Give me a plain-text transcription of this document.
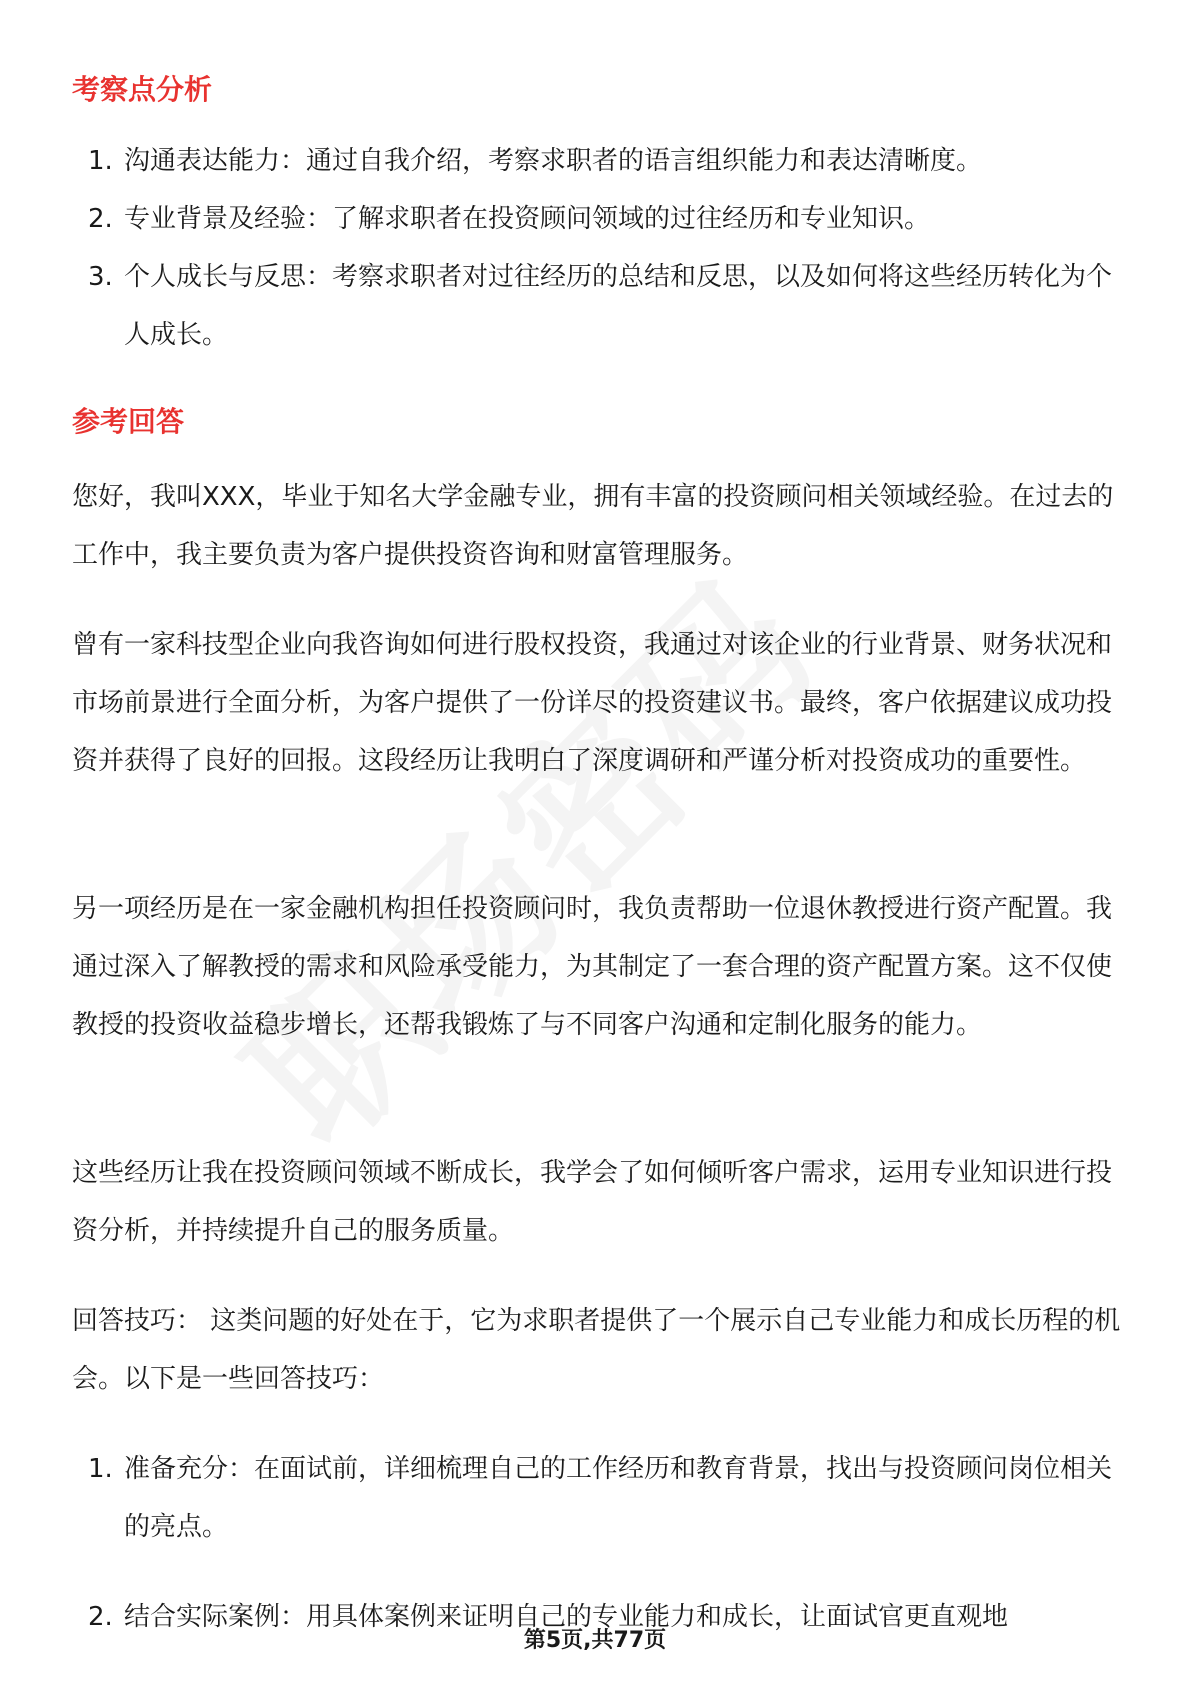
考察点分析
1. 沟通表达能力：通过自我介绍，考察求职者的语言组织能力和表达清晰度。
2. 专业背景及经验：了解求职者在投资顾问领域的过往经历和专业知识。
3. 个人成长与反思：考察求职者对过往经历的总结和反思，以及如何将这些经历转化为个人成长。
参考回答

您好，我叫XXX，毕业于知名大学金融专业，拥有丰富的投资顾问相关领域经验。在过去的工作中，我主要负责为客户提供投资咨询和财富管理服务。

曾有一家科技型企业向我咨询如何进行股权投资，我通过对该企业的行业背景、财务状况和市场前景进行全面分析，为客户提供了一份详尽的投资建议书。最终，客户依据建议成功投资并获得了良好的回报。这段经历让我明白了深度调研和严谨分析对投资成功的重要性。

另一项经历是在一家金融机构担任投资顾问时，我负责帮助一位退休教授进行资产配置。我通过深入了解教授的需求和风险承受能力，为其制定了一套合理的资产配置方案。这不仅使教授的投资收益稳步增长，还帮我锻炼了与不同客户沟通和定制化服务的能力。

这些经历让我在投资顾问领域不断成长，我学会了如何倾听客户需求，运用专业知识进行投资分析，并持续提升自己的服务质量。

回答技巧： 这类问题的好处在于，它为求职者提供了一个展示自己专业能力和成长历程的机会。以下是一些回答技巧：

1. 准备充分：在面试前，详细梳理自己的工作经历和教育背景，找出与投资顾问岗位相关的亮点。
2. 结合实际案例：用具体案例来证明自己的专业能力和成长，让面试官更直观地
第5页,共77页
